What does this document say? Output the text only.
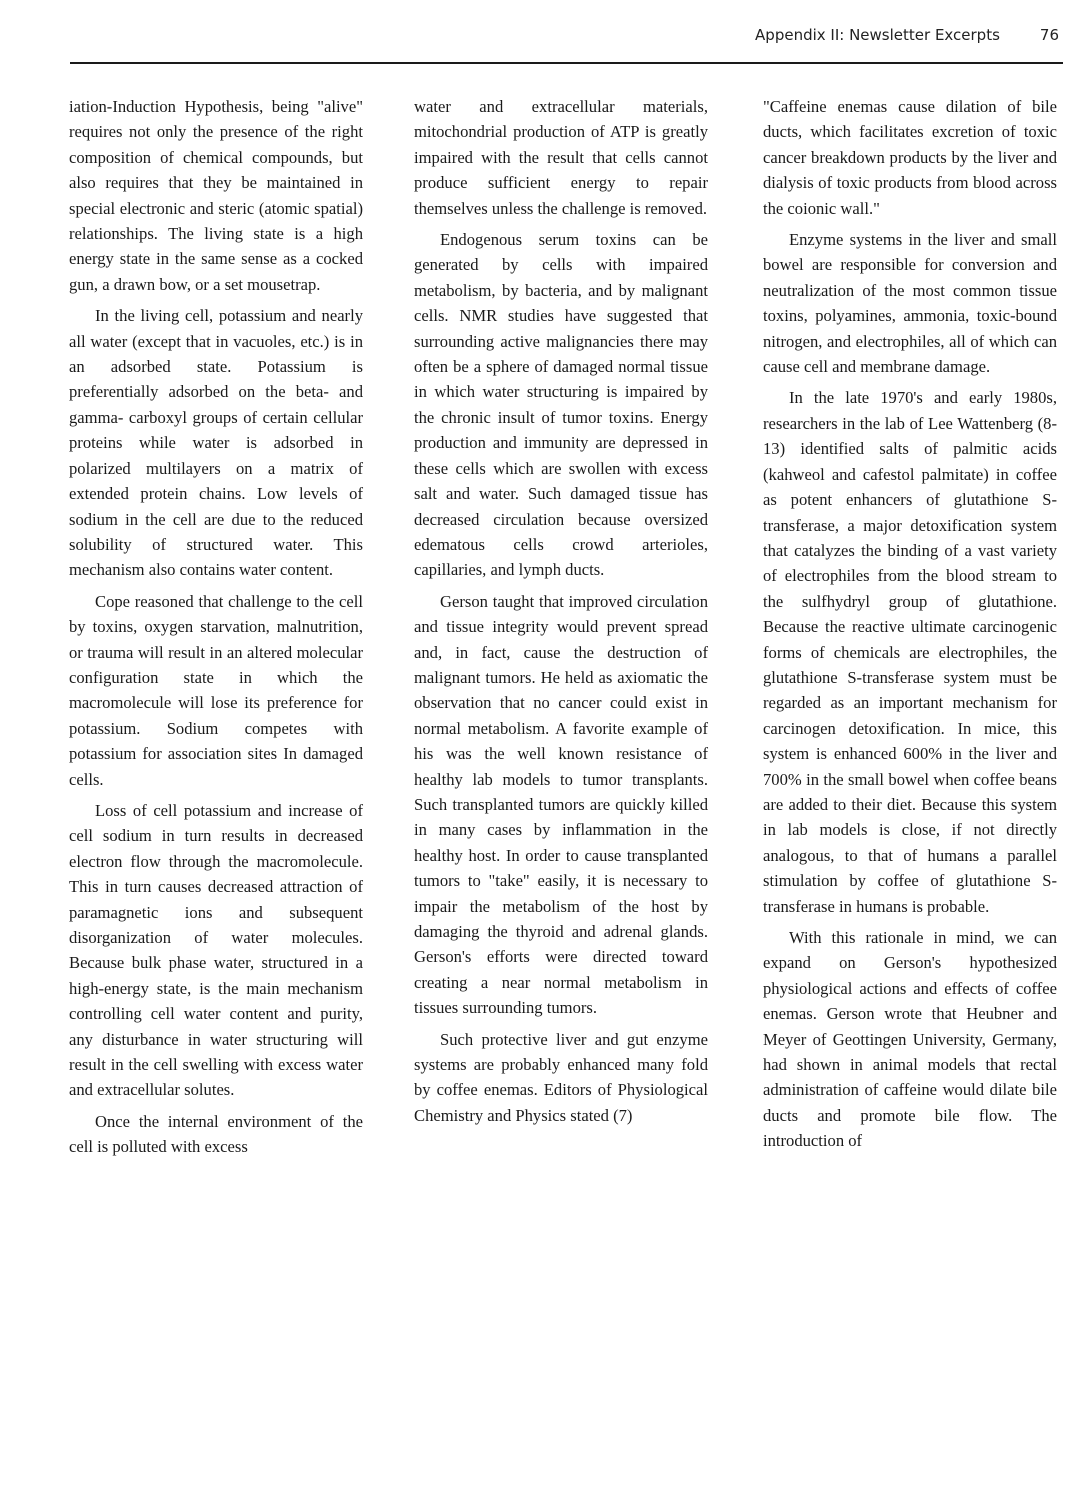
Appendix II: Newsletter Excerpts	76

iation-Induction Hypothesis, being "alive" requires not only the presence of the right composition of chemical compounds, but also requires that they be maintained in special electronic and steric (atomic spatial) relationships. The living state is a high energy state in the same sense as a cocked gun, a drawn bow, or a set mousetrap.

In the living cell, potassium and nearly all water (except that in vacuoles, etc.) is in an adsorbed state. Potassium is preferentially adsorbed on the beta- and gamma- carboxyl groups of certain cellular proteins while water is adsorbed in polarized multilayers on a matrix of extended protein chains. Low levels of sodium in the cell are due to the reduced solubility of structured water. This mechanism also contains water content.

Cope reasoned that challenge to the cell by toxins, oxygen starvation, malnutrition, or trauma will result in an altered molecular configuration state in which the macromolecule will lose its preference for potassium. Sodium competes with potassium for association sites In damaged cells.

Loss of cell potassium and increase of cell sodium in turn results in decreased electron flow through the macromolecule. This in turn causes decreased attraction of paramagnetic ions and subsequent disorganization of water molecules. Because bulk phase water, structured in a high-energy state, is the main mechanism controlling cell water content and purity, any disturbance in water structuring will result in the cell swelling with excess water and extracellular solutes.

Once the internal environment of the cell is polluted with excess

water and extracellular materials, mitochondrial production of ATP is greatly impaired with the result that cells cannot produce sufficient energy to repair themselves unless the challenge is removed.

Endogenous serum toxins can be generated by cells with impaired metabolism, by bacteria, and by malignant cells. NMR studies have suggested that surrounding active malignancies there may often be a sphere of damaged normal tissue in which water structuring is impaired by the chronic insult of tumor toxins. Energy production and immunity are depressed in these cells which are swollen with excess salt and water. Such damaged tissue has decreased circulation because oversized edematous cells crowd arterioles, capillaries, and lymph ducts.

Gerson taught that improved circulation and tissue integrity would prevent spread and, in fact, cause the destruction of malignant tumors. He held as axiomatic the observation that no cancer could exist in normal metabolism. A favorite example of his was the well known resistance of healthy lab models to tumor transplants. Such transplanted tumors are quickly killed in many cases by inflammation in the healthy host. In order to cause transplanted tumors to "take" easily, it is necessary to impair the metabolism of the host by damaging the thyroid and adrenal glands. Gerson's efforts were directed toward creating a near normal metabolism in tissues surrounding tumors.

Such protective liver and gut enzyme systems are probably enhanced many fold by coffee enemas. Editors of Physiological Chemistry and Physics stated (7)

"Caffeine enemas cause dilation of bile ducts, which facilitates excretion of toxic cancer breakdown products by the liver and dialysis of toxic products from blood across the coionic wall."

Enzyme systems in the liver and small bowel are responsible for conversion and neutralization of the most common tissue toxins, polyamines, ammonia, toxic-bound nitrogen, and electrophiles, all of which can cause cell and membrane damage.

In the late 1970's and early 1980s, researchers in the lab of Lee Wattenberg (8-13) identified salts of palmitic acids (kahweol and cafestol palmitate) in coffee as potent enhancers of glutathione S-transferase, a major detoxification system that catalyzes the binding of a vast variety of electrophiles from the blood stream to the sulfhydryl group of glutathione. Because the reactive ultimate carcinogenic forms of chemicals are electrophiles, the glutathione S-transferase system must be regarded as an important mechanism for carcinogen detoxification. In mice, this system is enhanced 600% in the liver and 700% in the small bowel when coffee beans are added to their diet. Because this system in lab models is close, if not directly analogous, to that of humans a parallel stimulation by coffee of glutathione S-transferase in humans is probable.

With this rationale in mind, we can expand on Gerson's hypothesized physiological actions and effects of coffee enemas. Gerson wrote that Heubner and Meyer of Geottingen University, Germany, had shown in animal models that rectal administration of caffeine would dilate bile ducts and promote bile flow. The introduction of
